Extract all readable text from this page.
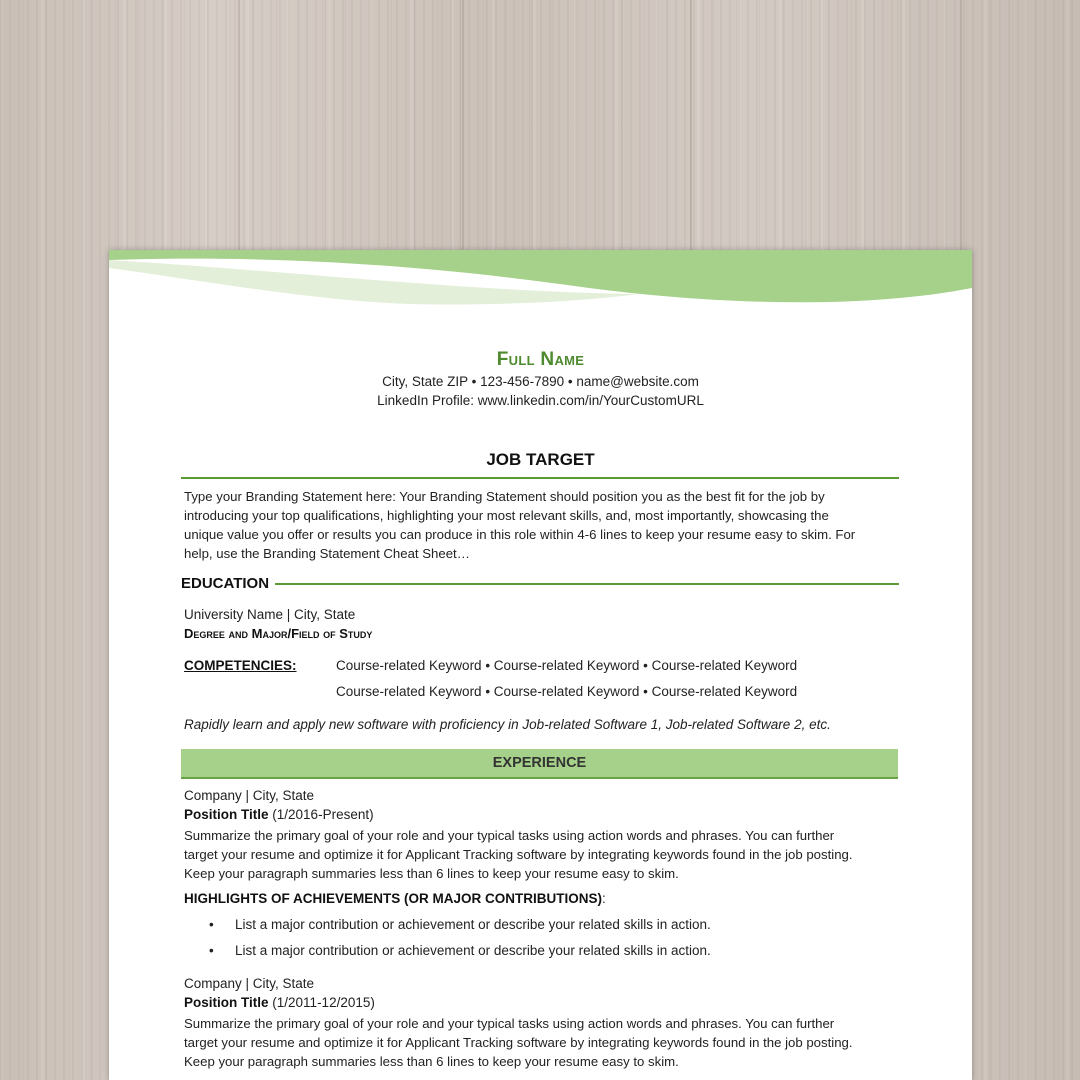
Full Name
City, State ZIP • 123-456-7890 • name@website.com
LinkedIn Profile: www.linkedin.com/in/YourCustomURL
JOB TARGET
Type your Branding Statement here: Your Branding Statement should position you as the best fit for the job by
introducing your top qualifications, highlighting your most relevant skills, and, most importantly, showcasing the
unique value you offer or results you can produce in this role within 4-6 lines to keep your resume easy to skim. For
help, use the Branding Statement Cheat Sheet…
EDUCATION
University Name | City, State
Degree and Major/Field of Study
COMPETENCIES:	Course-related Keyword • Course-related Keyword • Course-related Keyword
Course-related Keyword • Course-related Keyword • Course-related Keyword
Rapidly learn and apply new software with proficiency in Job-related Software 1, Job-related Software 2, etc.
EXPERIENCE
Company | City, State
Position Title (1/2016-Present)
Summarize the primary goal of your role and your typical tasks using action words and phrases. You can further
target your resume and optimize it for Applicant Tracking software by integrating keywords found in the job posting.
Keep your paragraph summaries less than 6 lines to keep your resume easy to skim.
HIGHLIGHTS OF ACHIEVEMENTS (OR MAJOR CONTRIBUTIONS):
• List a major contribution or achievement or describe your related skills in action.
• List a major contribution or achievement or describe your related skills in action.
Company | City, State
Position Title (1/2011-12/2015)
Summarize the primary goal of your role and your typical tasks using action words and phrases. You can further
target your resume and optimize it for Applicant Tracking software by integrating keywords found in the job posting.
Keep your paragraph summaries less than 6 lines to keep your resume easy to skim.
